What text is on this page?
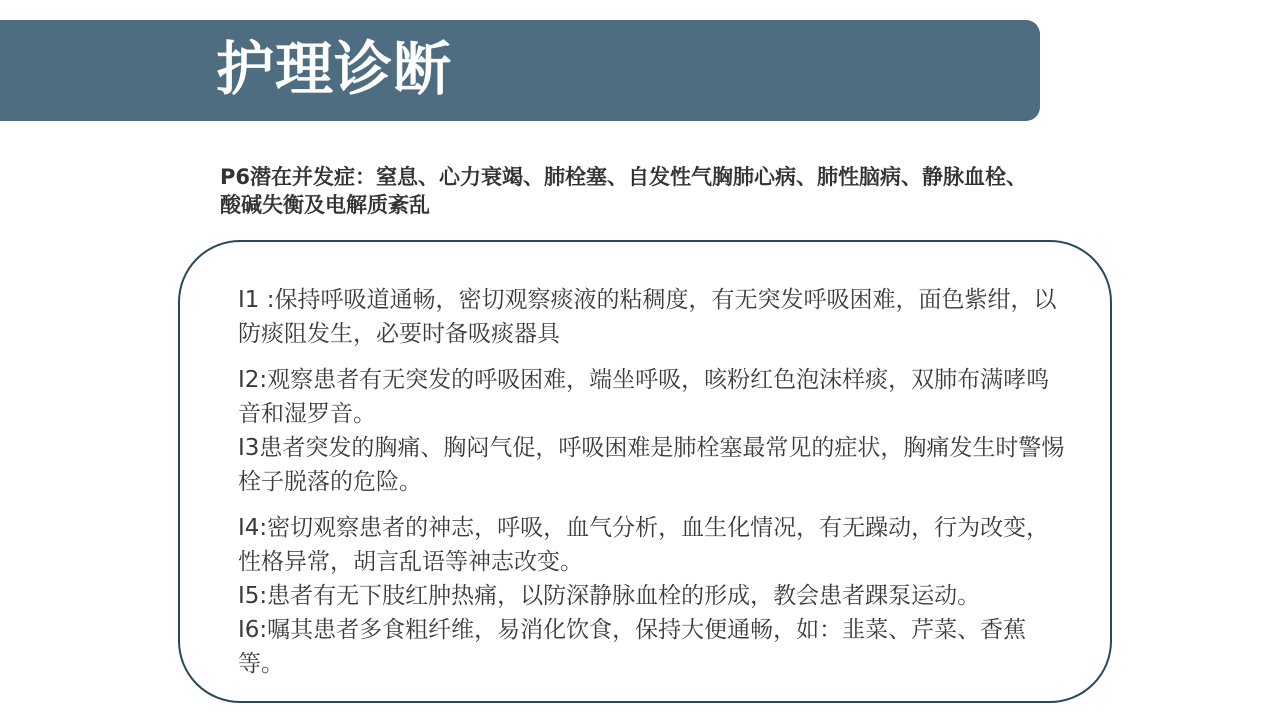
护理诊断
P6潜在并发症：窒息、心力衰竭、肺栓塞、自发性气胸肺心病、肺性脑病、静脉血栓、酸碱失衡及电解质紊乱

I1 :保持呼吸道通畅，密切观察痰液的粘稠度，有无突发呼吸困难，面色紫绀，以防痰阻发生，必要时备吸痰器具

I2:观察患者有无突发的呼吸困难，端坐呼吸，咳粉红色泡沫样痰，双肺布满哮鸣音和湿罗音。

I3患者突发的胸痛、胸闷气促，呼吸困难是肺栓塞最常见的症状，胸痛发生时警惕栓子脱落的危险。

I4:密切观察患者的神志，呼吸，血气分析，血生化情况，有无躁动，行为改变，性格异常，胡言乱语等神志改变。

I5:患者有无下肢红肿热痛，以防深静脉血栓的形成，教会患者踝泵运动。

I6:嘱其患者多食粗纤维，易消化饮食，保持大便通畅，如：韭菜、芹菜、香蕉等。
